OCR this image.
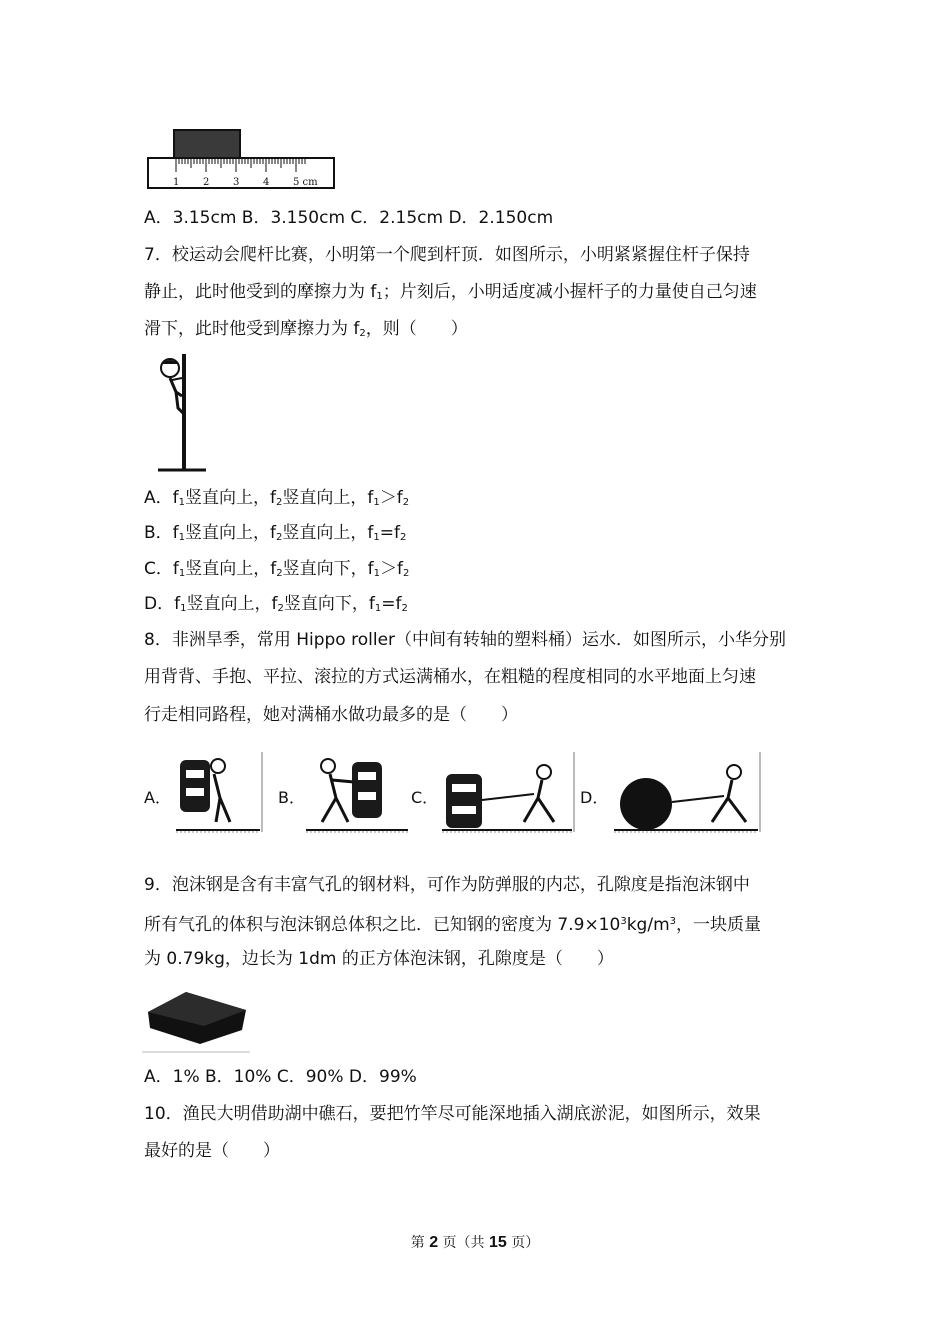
1 2 3 4 5 cm
A．3.15cm B．3.150cm C．2.15cm D．2.150cm
7．校运动会爬杆比赛，小明第一个爬到杆顶．如图所示，小明紧紧握住杆子保持
静止，此时他受到的摩擦力为 $f_1$；片刻后，小明适度减小握杆子的力量使自己匀速
滑下，此时他受到摩擦力为 $f_2$，则（　　）
A．$f_1$竖直向上，$f_2$竖直向上，$f_1>f_2$
B．$f_1$竖直向上，$f_2$竖直向上，$f_1=f_2$
C．$f_1$竖直向上，$f_2$竖直向下，$f_1>f_2$
D．$f_1$竖直向上，$f_2$竖直向下，$f_1=f_2$
8．非洲旱季，常用 Hippo roller（中间有转轴的塑料桶）运水．如图所示，小华分别
用背背、手抱、平拉、滚拉的方式运满桶水，在粗糙的程度相同的水平地面上匀速
行走相同路程，她对满桶水做功最多的是（　　）
A．	B．	C．	D．
9．泡沫钢是含有丰富气孔的钢材料，可作为防弹服的内芯，孔隙度是指泡沫钢中
所有气孔的体积与泡沫钢总体积之比．已知钢的密度为 $7.9\times 10^3kg/m^3$，一块质量
为 0.79kg，边长为 1dm 的正方体泡沫钢，孔隙度是（　　）
A．1% B．10% C．90% D．99%
10．渔民大明借助湖中礁石，要把竹竿尽可能深地插入湖底淤泥，如图所示，效果
最好的是（　　）
第 2 页（共 15 页）
